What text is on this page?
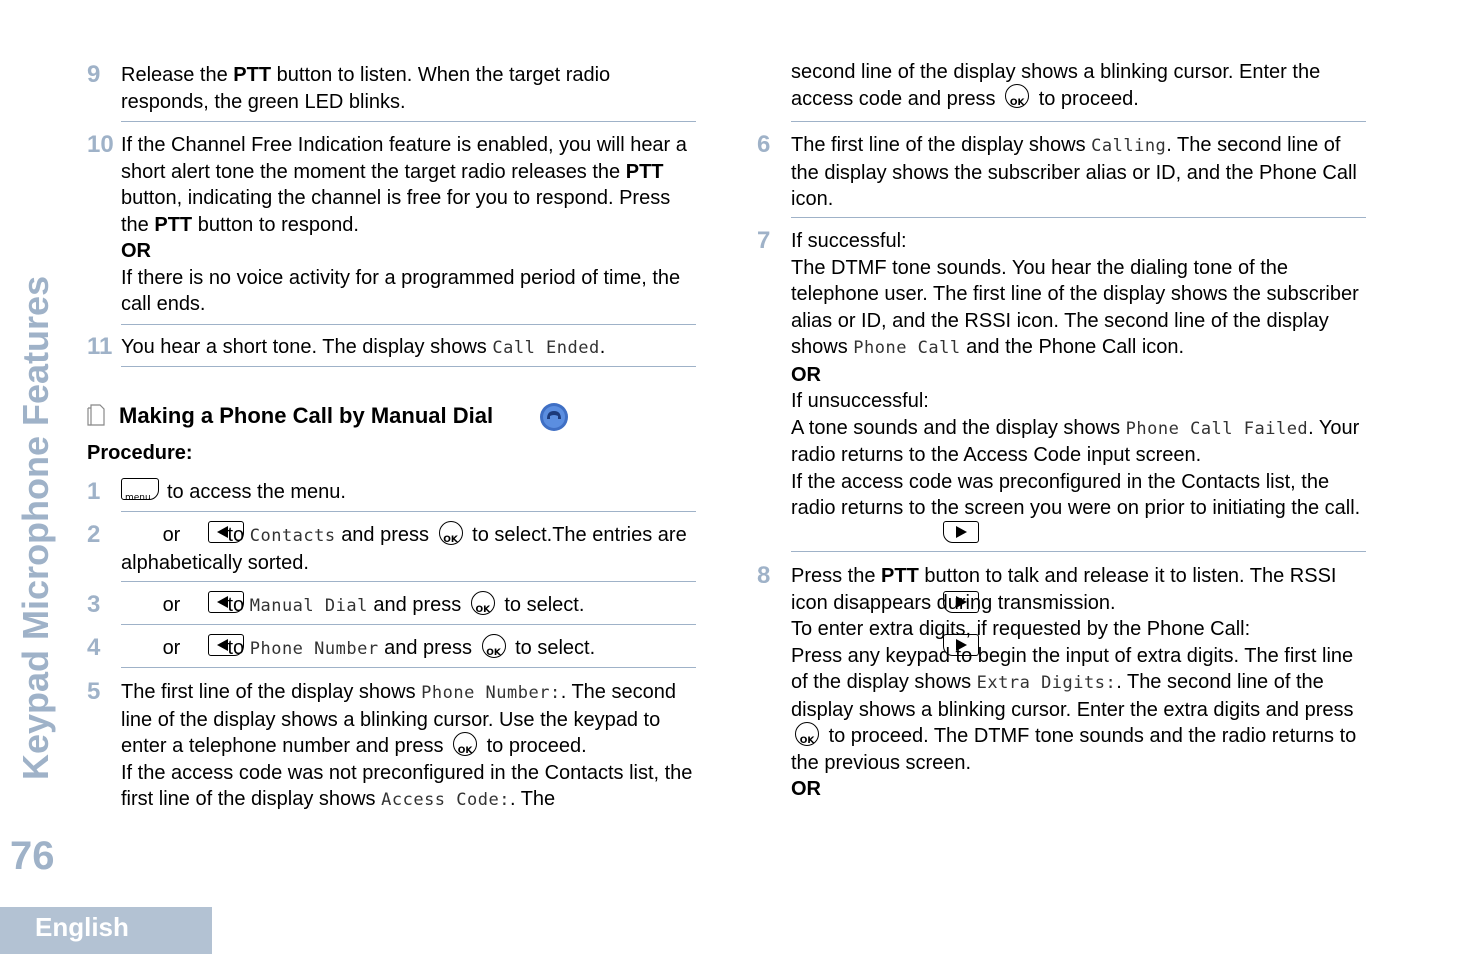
Keypad Microphone Features
76
English
9	Release the PTT button to listen. When the target radio responds, the green LED blinks.
10 If the Channel Free Indication feature is enabled, you will hear a short alert tone the moment the target radio releases the PTT button, indicating the channel is free for you to respond. Press the PTT button to respond.
OR
If there is no voice activity for a programmed period of time, the call ends.
11 You hear a short tone. The display shows Call Ended.
Making a Phone Call by Manual Dial
Procedure:
1	menu to access the menu.
2	or to Contacts and press	OK to select.The entries are alphabetically sorted.
3	or to Manual Dial and press	OK to select.
4	or to Phone Number and press	OK to select.
5	The first line of the display shows Phone Number:. The second line of the display shows a blinking cursor. Use the keypad to enter a telephone number and press	OK to proceed.
If the access code was not preconfigured in the Contacts list, the first line of the display shows Access Code:. The
second line of the display shows a blinking cursor. Enter the access code and press	OK to proceed.
6	The first line of the display shows Calling. The second line of the display shows the subscriber alias or ID, and the Phone Call icon.
7	If successful:
The DTMF tone sounds. You hear the dialing tone of the telephone user. The first line of the display shows the subscriber alias or ID, and the RSSI icon. The second line of the display shows Phone Call and the Phone Call icon.
OR
If unsuccessful:
A tone sounds and the display shows Phone Call Failed. Your radio returns to the Access Code input screen.
If the access code was preconfigured in the Contacts list, the radio returns to the screen you were on prior to initiating the call.
8	Press the PTT button to talk and release it to listen. The RSSI icon disappears during transmission.
To enter extra digits, if requested by the Phone Call:
Press any keypad to begin the input of extra digits. The first line of the display shows Extra Digits:. The second line of the display shows a blinking cursor. Enter the extra digits and press
OK to proceed. The DTMF tone sounds and the radio returns to the previous screen.
OR
